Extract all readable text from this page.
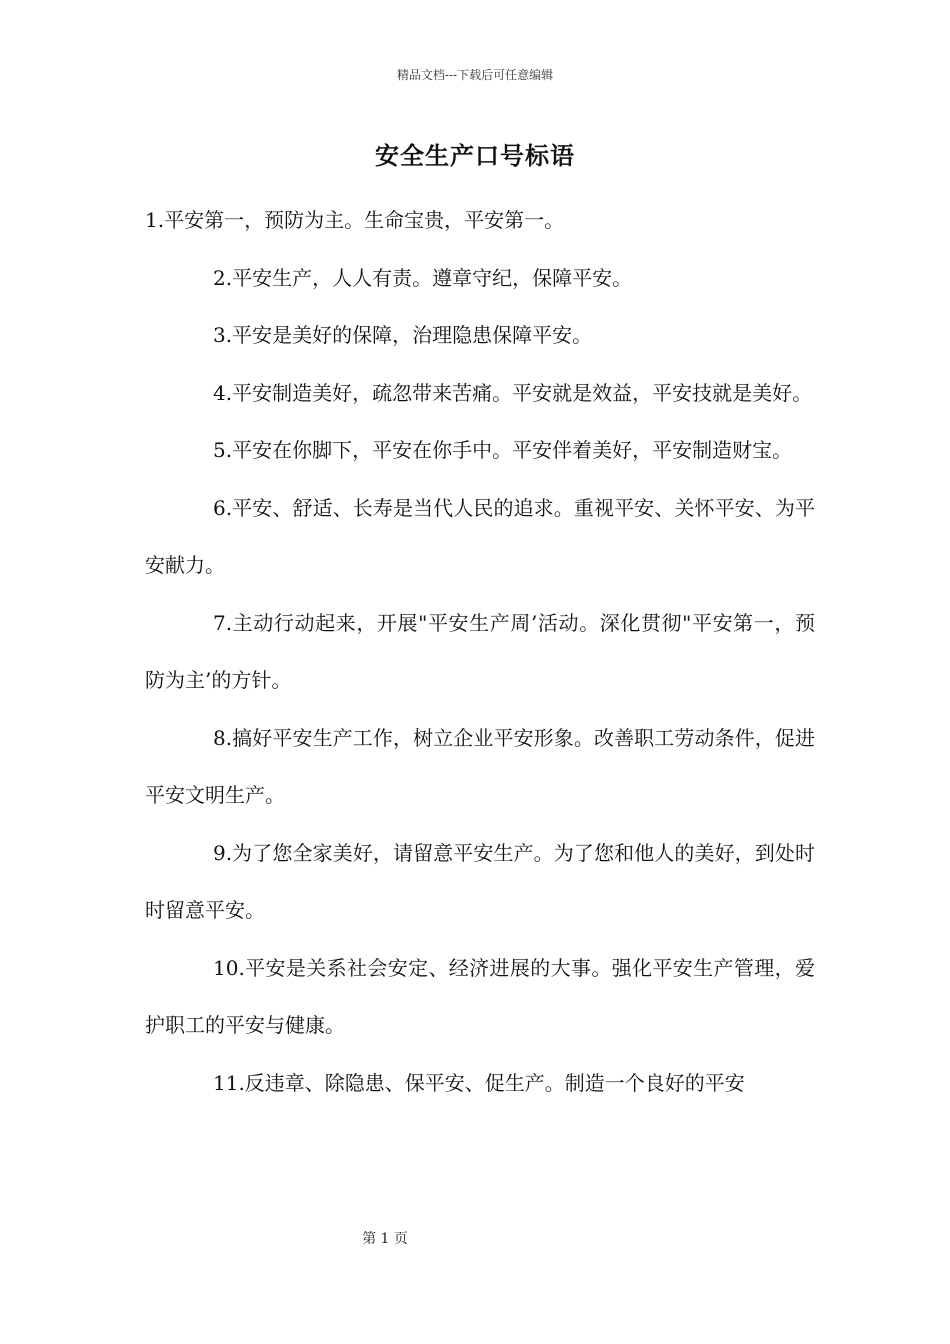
精品文档---下载后可任意编辑
安全生产口号标语

1.平安第一，预防为主。生命宝贵，平安第一。

2.平安生产，人人有责。遵章守纪，保障平安。

3.平安是美好的保障，治理隐患保障平安。

4.平安制造美好，疏忽带来苦痛。平安就是效益，平安技就是美好。

5.平安在你脚下，平安在你手中。平安伴着美好，平安制造财宝。

6.平安、舒适、长寿是当代人民的追求。重视平安、关怀平安、为平安献力。

7.主动行动起来，开展"平安生产周’活动。深化贯彻"平安第一，预防为主’的方针。

8.搞好平安生产工作，树立企业平安形象。改善职工劳动条件，促进平安文明生产。

9.为了您全家美好，请留意平安生产。为了您和他人的美好，到处时时留意平安。

10.平安是关系社会安定、经济进展的大事。强化平安生产管理，爱护职工的平安与健康。

11.反违章、除隐患、保平安、促生产。制造一个良好的平安

第 1 页
